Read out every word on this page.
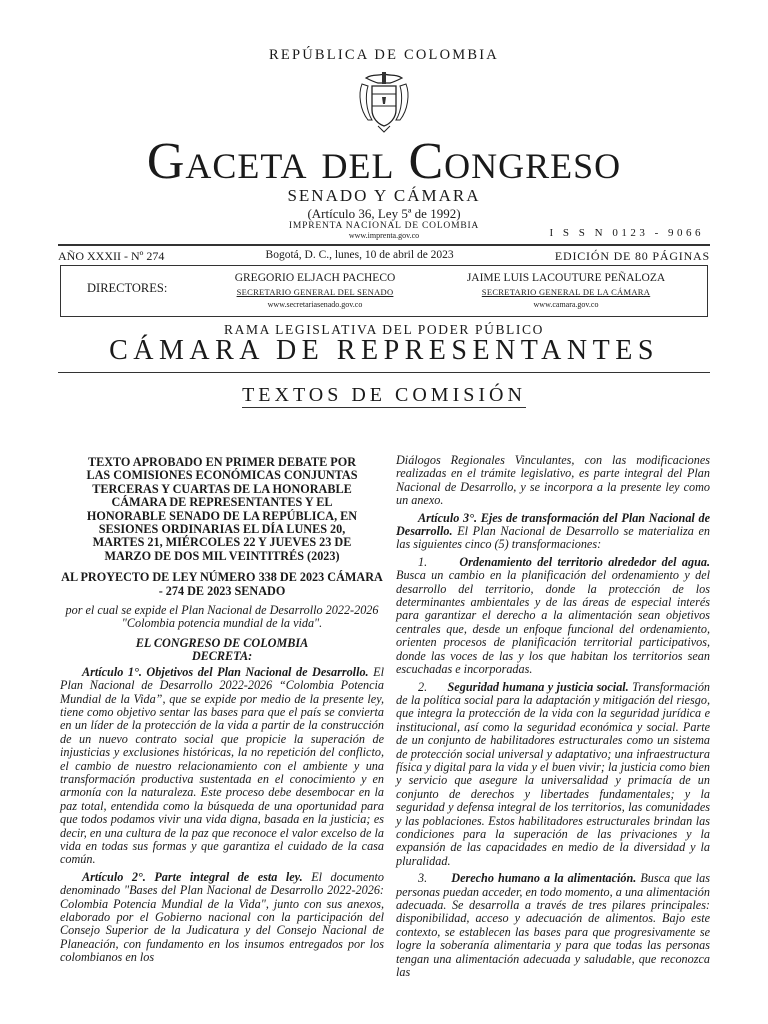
REPÚBLICA DE COLOMBIA
Gaceta del Congreso
SENADO Y CÁMARA
(Artículo 36, Ley 5ª de 1992)
IMPRENTA NACIONAL DE COLOMBIA
www.imprenta.gov.co	I S S N 0123 - 9066
AÑO XXXII - Nº 274	Bogotá, D. C., lunes, 10 de abril de 2023	EDICIÓN DE 80 PÁGINAS
DIRECTORES:
GREGORIO ELJACH PACHECO
SECRETARIO GENERAL DEL SENADO
www.secretariasenado.gov.co
JAIME LUIS LACOUTURE PEÑALOZA
SECRETARIO GENERAL DE LA CÁMARA
www.camara.gov.co
RAMA LEGISLATIVA DEL PODER PÚBLICO
CÁMARA DE REPRESENTANTES
TEXTOS DE COMISIÓN
TEXTO APROBADO EN PRIMER DEBATE POR LAS COMISIONES ECONÓMICAS CONJUNTAS TERCERAS Y CUARTAS DE LA HONORABLE CÁMARA DE REPRESENTANTES Y EL HONORABLE SENADO DE LA REPÚBLICA, EN SESIONES ORDINARIAS EL DÍA LUNES 20, MARTES 21, MIÉRCOLES 22 Y JUEVES 23 DE MARZO DE DOS MIL VEINTITRÉS (2023)
AL PROYECTO DE LEY NÚMERO 338 DE 2023 CÁMARA - 274 DE 2023 SENADO
por el cual se expide el Plan Nacional de Desarrollo 2022-2026 "Colombia potencia mundial de la vida".
EL CONGRESO DE COLOMBIA
DECRETA:

Artículo 1°. Objetivos del Plan Nacional de Desarrollo. El Plan Nacional de Desarrollo 2022-2026 “Colombia Potencia Mundial de la Vida”, que se expide por medio de la presente ley, tiene como objetivo sentar las bases para que el país se convierta en un líder de la protección de la vida a partir de la construcción de un nuevo contrato social que propicie la superación de injusticias y exclusiones históricas, la no repetición del conflicto, el cambio de nuestro relacionamiento con el ambiente y una transformación productiva sustentada en el conocimiento y en armonía con la naturaleza. Este proceso debe desembocar en la paz total, entendida como la búsqueda de una oportunidad para que todos podamos vivir una vida digna, basada en la justicia; es decir, en una cultura de la paz que reconoce el valor excelso de la vida en todas sus formas y que garantiza el cuidado de la casa común.

Artículo 2°. Parte integral de esta ley. El documento denominado "Bases del Plan Nacional de Desarrollo 2022-2026: Colombia Potencia Mundial de la Vida", junto con sus anexos, elaborado por el Gobierno nacional con la participación del Consejo Superior de la Judicatura y del Consejo Nacional de Planeación, con fundamento en los insumos entregados por los colombianos en los

Diálogos Regionales Vinculantes, con las modificaciones realizadas en el trámite legislativo, es parte integral del Plan Nacional de Desarrollo, y se incorpora a la presente ley como un anexo.

Artículo 3°. Ejes de transformación del Plan Nacional de Desarrollo. El Plan Nacional de Desarrollo se materializa en las siguientes cinco (5) transformaciones:

1.	Ordenamiento del territorio alrededor del agua. Busca un cambio en la planificación del ordenamiento y del desarrollo del territorio, donde la protección de los determinantes ambientales y de las áreas de especial interés para garantizar el derecho a la alimentación sean objetivos centrales que, desde un enfoque funcional del ordenamiento, orienten procesos de planificación territorial participativos, donde las voces de las y los que habitan los territorios sean escuchadas e incorporadas.

2. Seguridad humana y justicia social. Transformación de la política social para la adaptación y mitigación del riesgo, que integra la protección de la vida con la seguridad jurídica e institucional, así como la seguridad económica y social. Parte de un conjunto de habilitadores estructurales como un sistema de protección social universal y adaptativo; una infraestructura física y digital para la vida y el buen vivir; la justicia como bien y servicio que asegure la universalidad y primacía de un conjunto de derechos y libertades fundamentales; y la seguridad y defensa integral de los territorios, las comunidades y las poblaciones. Estos habilitadores estructurales brindan las condiciones para la superación de las privaciones y la expansión de las capacidades en medio de la diversidad y la pluralidad.

3. Derecho humano a la alimentación. Busca que las personas puedan acceder, en todo momento, a una alimentación adecuada. Se desarrolla a través de tres pilares principales: disponibilidad, acceso y adecuación de alimentos. Bajo este contexto, se establecen las bases para que progresivamente se logre la soberanía alimentaria y para que todas las personas tengan una alimentación adecuada y saludable, que reconozca las
